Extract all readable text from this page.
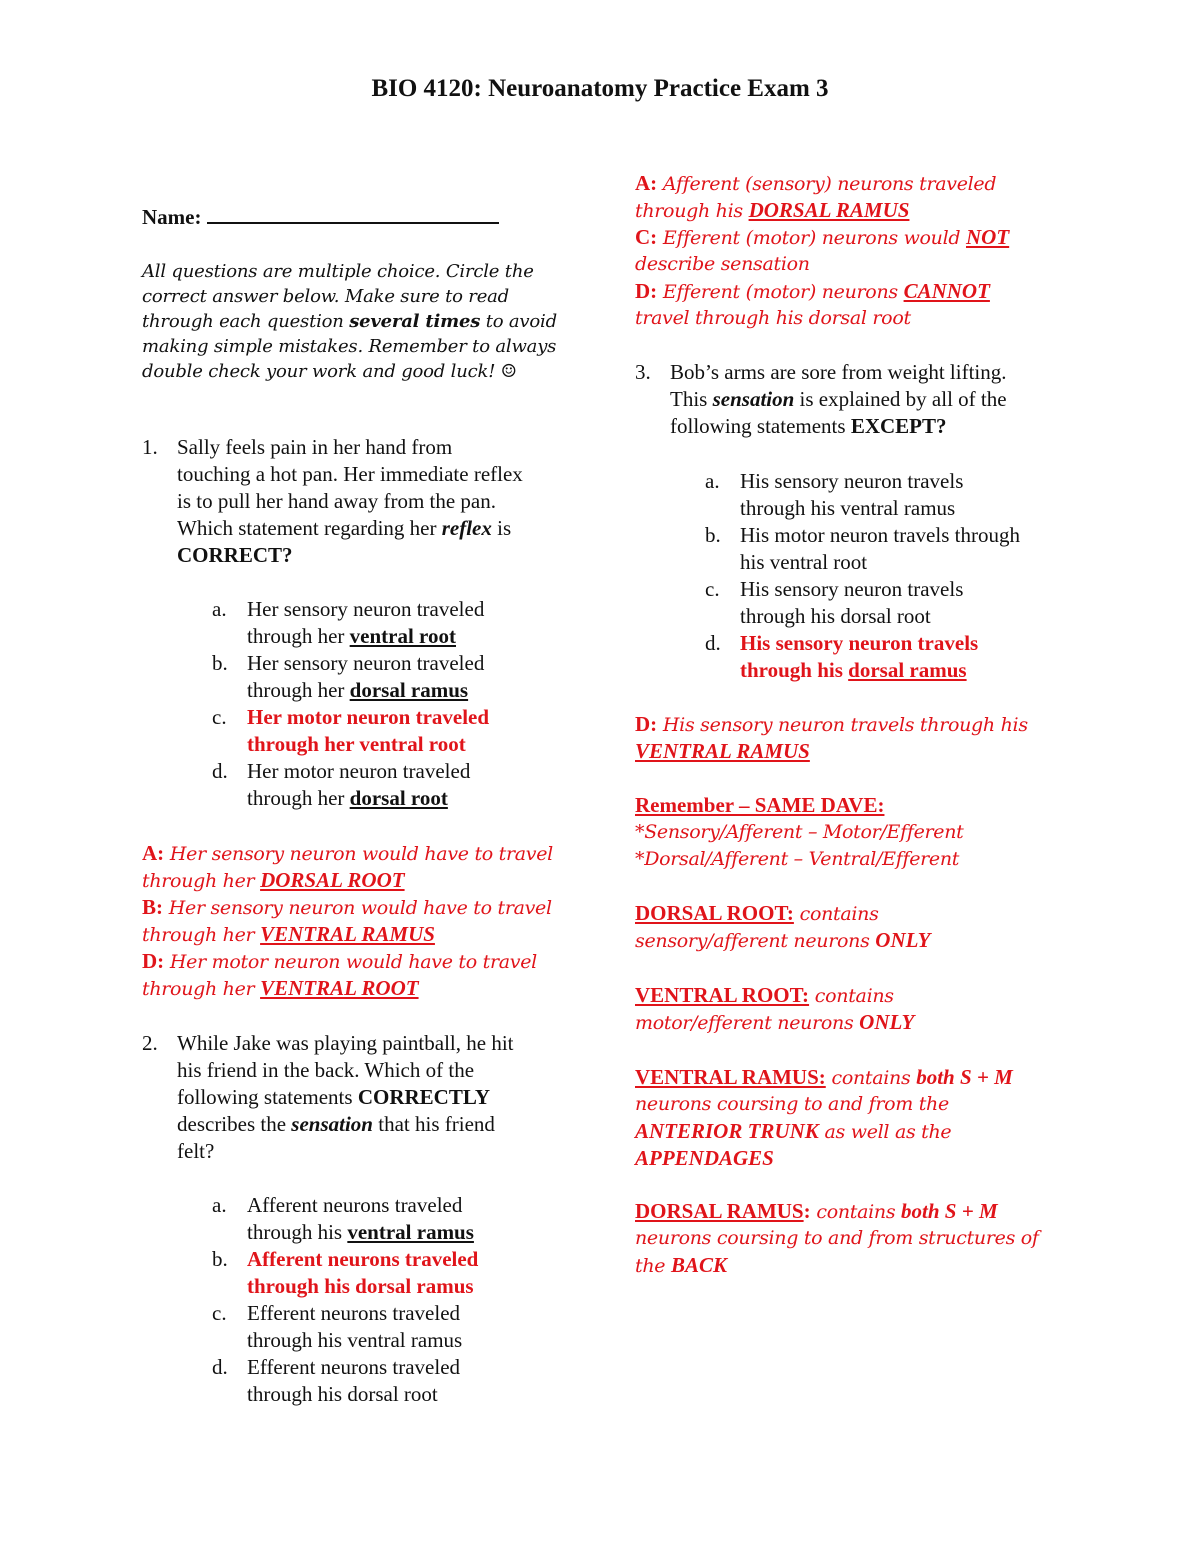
BIO 4120: Neuroanatomy Practice Exam 3
Name:
All questions are multiple choice. Circle the
correct answer below. Make sure to read
through each question several times to avoid
making simple mistakes. Remember to always
double check your work and good luck! ☺
1. Sally feels pain in her hand from
touching a hot pan. Her immediate reflex
is to pull her hand away from the pan.
Which statement regarding her reflex is
CORRECT?
a. Her sensory neuron traveled
through her ventral root
b. Her sensory neuron traveled
through her dorsal ramus
c. Her motor neuron traveled
through her ventral root
d. Her motor neuron traveled
through her dorsal root
A: Her sensory neuron would have to travel
through her DORSAL ROOT
B: Her sensory neuron would have to travel
through her VENTRAL RAMUS
D: Her motor neuron would have to travel
through her VENTRAL ROOT
2. While Jake was playing paintball, he hit
his friend in the back. Which of the
following statements CORRECTLY
describes the sensation that his friend
felt?
a. Afferent neurons traveled
through his ventral ramus
b. Afferent neurons traveled
through his dorsal ramus
c. Efferent neurons traveled
through his ventral ramus
d. Efferent neurons traveled
through his dorsal root
A: Afferent (sensory) neurons traveled
through his DORSAL RAMUS
C: Efferent (motor) neurons would NOT
describe sensation
D: Efferent (motor) neurons CANNOT
travel through his dorsal root
3. Bob’s arms are sore from weight lifting.
This sensation is explained by all of the
following statements EXCEPT?
a. His sensory neuron travels
through his ventral ramus
b. His motor neuron travels through
his ventral root
c. His sensory neuron travels
through his dorsal root
d. His sensory neuron travels
through his dorsal ramus
D: His sensory neuron travels through his
VENTRAL RAMUS
Remember – SAME DAVE:
*Sensory/Afferent – Motor/Efferent
*Dorsal/Afferent – Ventral/Efferent
DORSAL ROOT: contains
sensory/afferent neurons ONLY
VENTRAL ROOT: contains
motor/efferent neurons ONLY
VENTRAL RAMUS: contains both S + M
neurons coursing to and from the
ANTERIOR TRUNK as well as the
APPENDAGES
DORSAL RAMUS: contains both S + M
neurons coursing to and from structures of
the BACK
